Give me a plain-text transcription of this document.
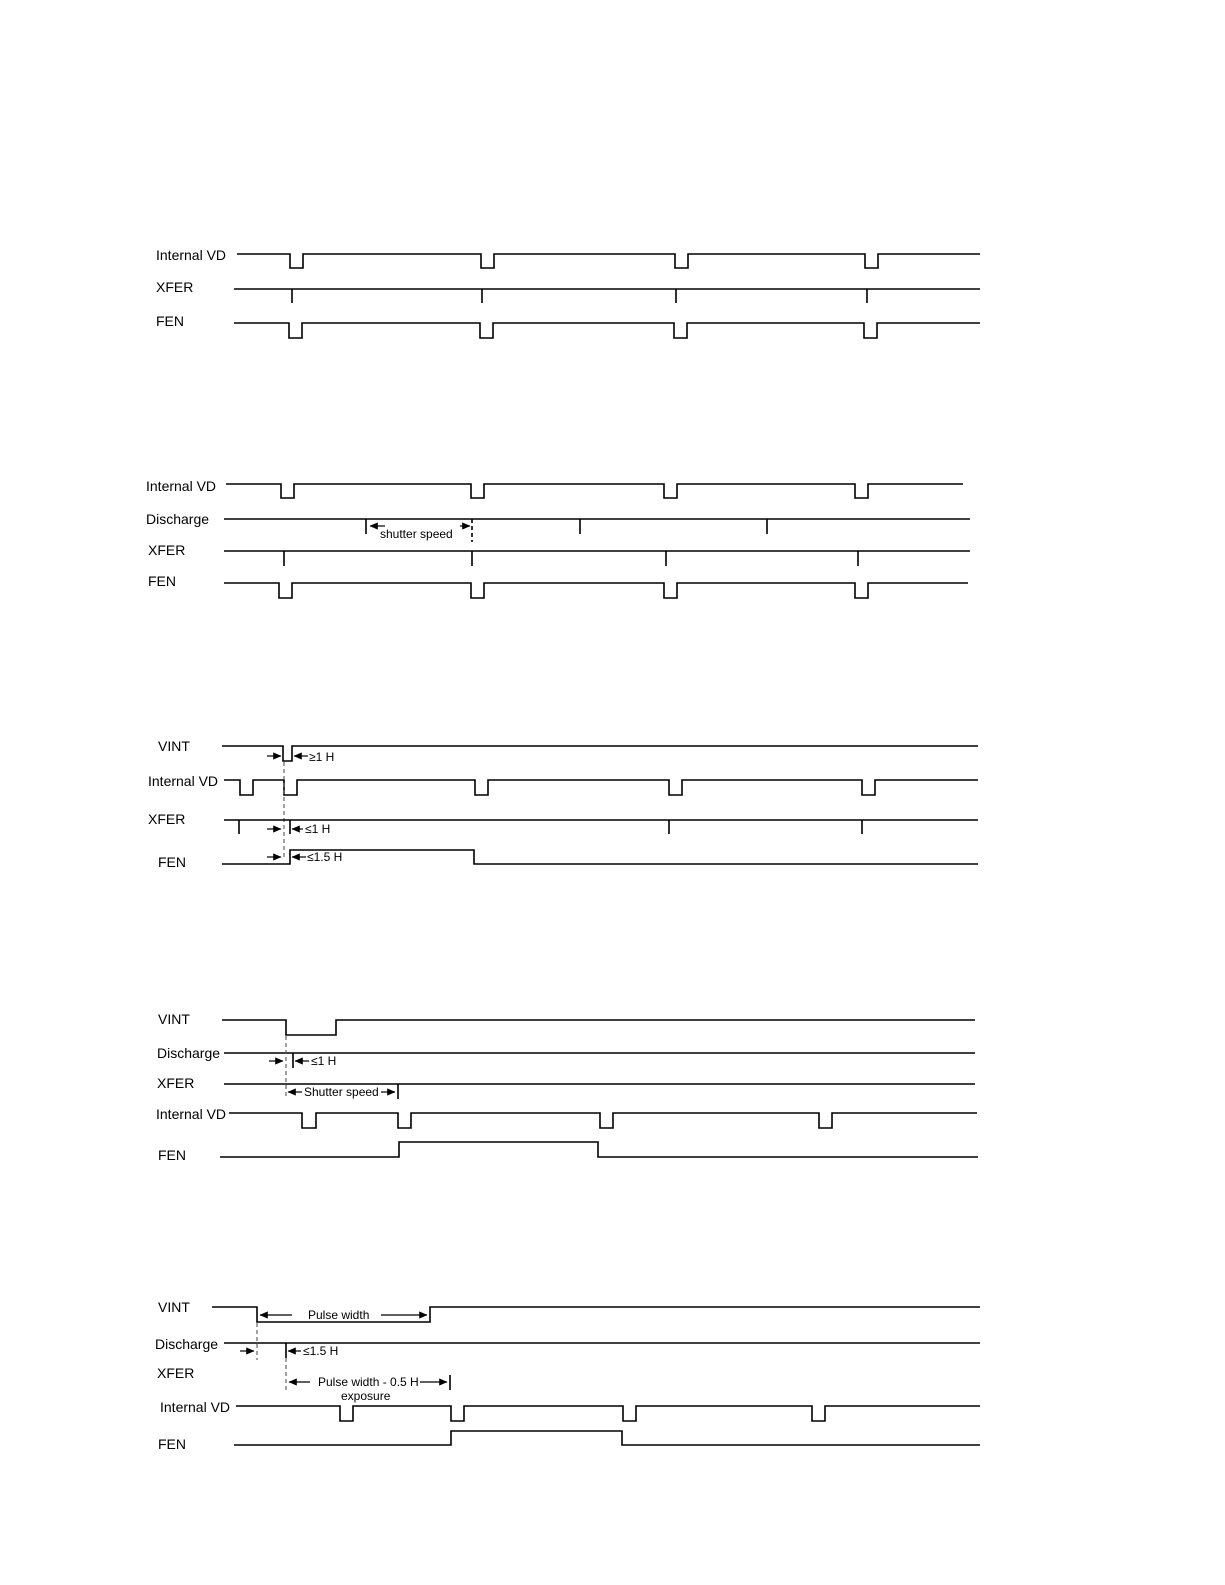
Internal VD
XFER
FEN
Internal VD
Discharge
shutter speed
XFER
FEN
VINT
≥1 H
Internal VD
XFER
≤1 H
FEN	≤1.5 H
VINT
Discharge	≤1 H
XFER
Shutter speed
Internal VD
FEN
VINT	Pulse width
Discharge	≤1.5 H
XFER
Pulse width - 0.5 H
exposure
Internal VD
FEN
